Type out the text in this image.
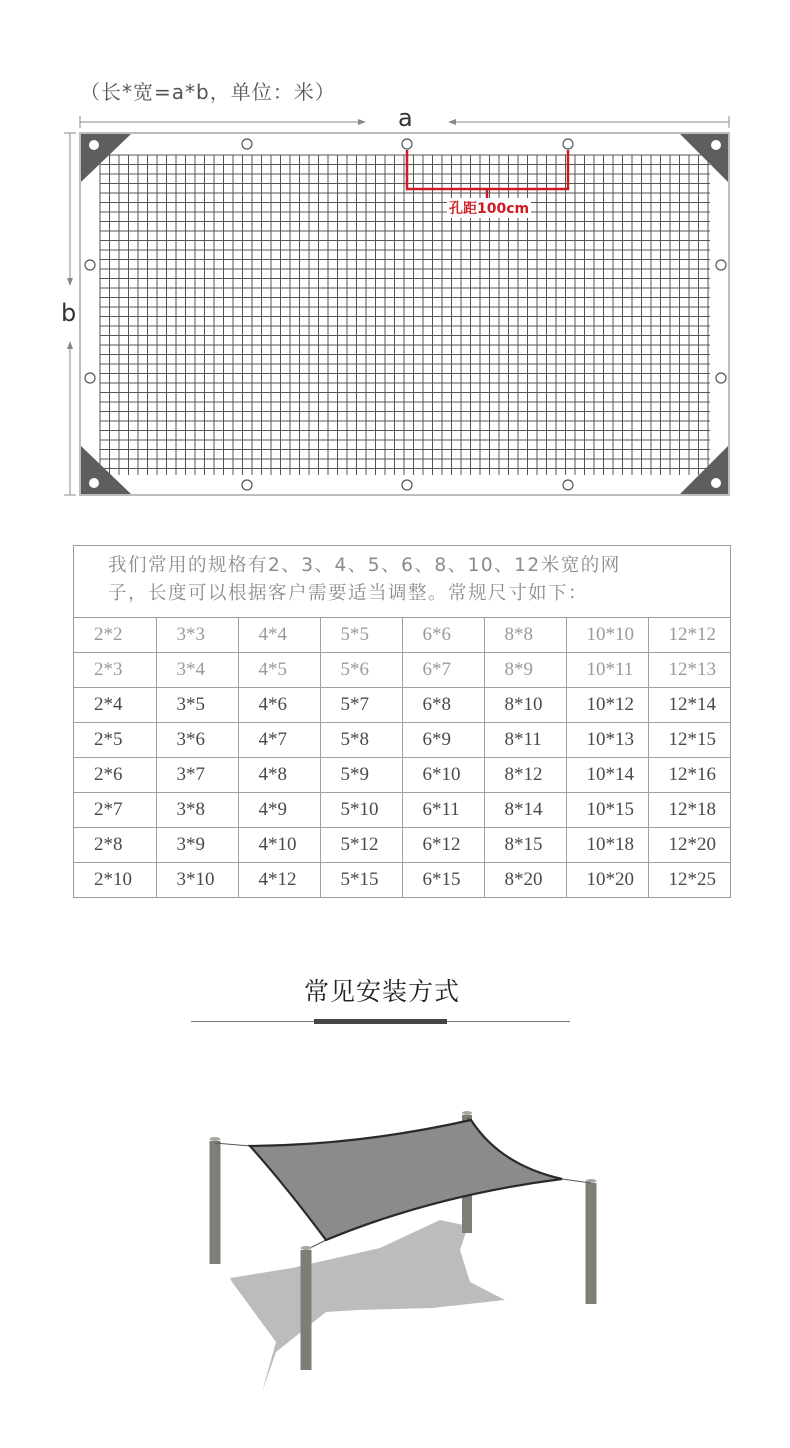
（长*宽=a*b，单位：米）
a
b
孔距100cm
我们常用的规格有2、3、4、5、6、8、10、12米宽的网
子，长度可以根据客户需要适当调整。常规尺寸如下：
2*2	3*3	4*4	5*5	6*6	8*8	10*10	12*12
2*3	3*4	4*5	5*6	6*7	8*9	10*11	12*13
2*4	3*5	4*6	5*7	6*8	8*10	10*12	12*14
2*5	3*6	4*7	5*8	6*9	8*11	10*13	12*15
2*6	3*7	4*8	5*9	6*10	8*12	10*14	12*16
2*7	3*8	4*9	5*10	6*11	8*14	10*15	12*18
2*8	3*9	4*10	5*12	6*12	8*15	10*18	12*20
2*10	3*10	4*12	5*15	6*15	8*20	10*20	12*25
常见安装方式
